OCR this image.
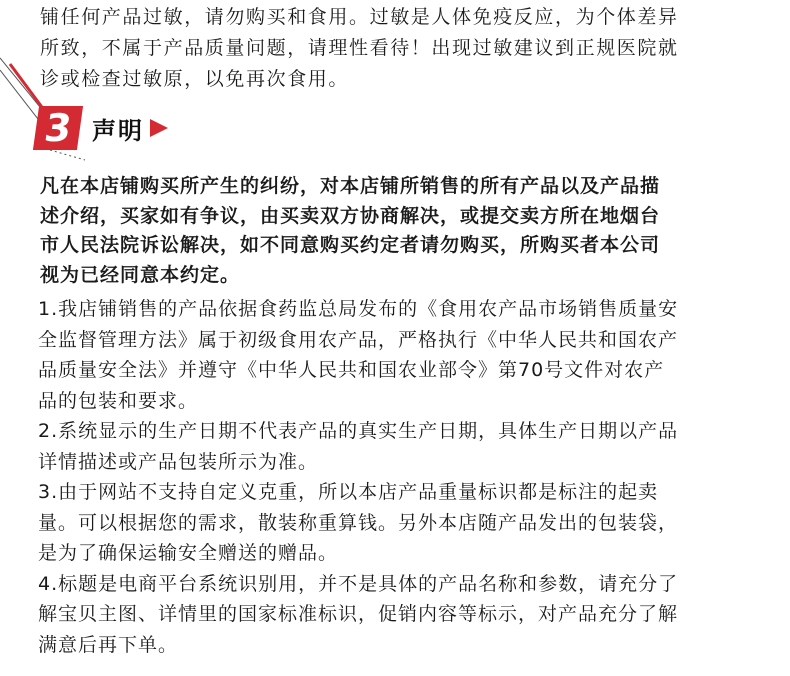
铺任何产品过敏，请勿购买和食用。过敏是人体免疫反应，为个体差异
所致，不属于产品质量问题，请理性看待！出现过敏建议到正规医院就
诊或检查过敏原，以免再次食用。
3 声明
凡在本店铺购买所产生的纠纷，对本店铺所销售的所有产品以及产品描
述介绍，买家如有争议，由买卖双方协商解决，或提交卖方所在地烟台
市人民法院诉讼解决，如不同意购买约定者请勿购买，所购买者本公司
视为已经同意本约定。
1.我店铺销售的产品依据食药监总局发布的《食用农产品市场销售质量安
全监督管理方法》属于初级食用农产品，严格执行《中华人民共和国农产
品质量安全法》并遵守《中华人民共和国农业部令》第70号文件对农产
品的包装和要求。
2.系统显示的生产日期不代表产品的真实生产日期，具体生产日期以产品
详情描述或产品包装所示为准。
3.由于网站不支持自定义克重，所以本店产品重量标识都是标注的起卖
量。可以根据您的需求，散装称重算钱。另外本店随产品发出的包装袋，
是为了确保运输安全赠送的赠品。
4.标题是电商平台系统识别用，并不是具体的产品名称和参数，请充分了
解宝贝主图、详情里的国家标准标识，促销内容等标示，对产品充分了解
满意后再下单。
